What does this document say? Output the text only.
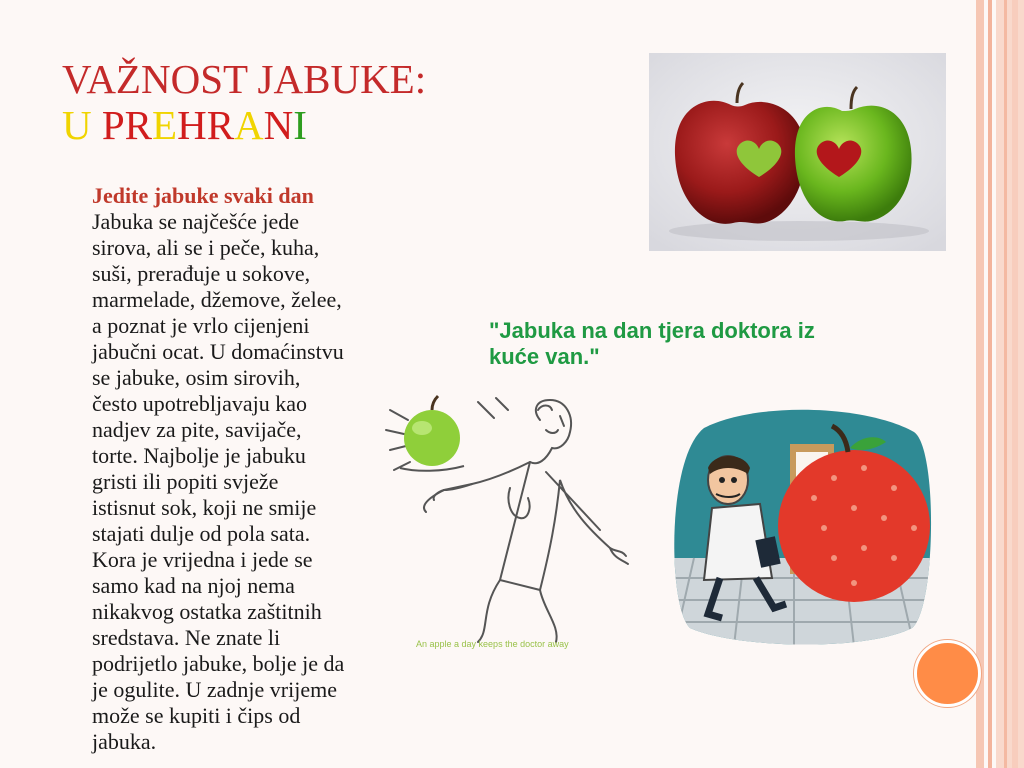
VAŽNOST JABUKE:
U PREHRANI
Jedite jabuke svaki dan
Jabuka se najčešće jede
sirova, ali se i peče, kuha,
suši, prerađuje u sokove,
marmelade, džemove, želee,
a poznat je vrlo cijenjeni
jabučni ocat. U domaćinstvu
se jabuke, osim sirovih,
često upotrebljavaju kao
nadjev za pite, savijače,
torte. Najbolje je jabuku
gristi ili popiti svježe
istisnut sok, koji ne smije
stajati dulje od pola sata.
Kora je vrijedna i jede se
samo kad na njoj nema
nikakvog ostatka zaštitnih
sredstava. Ne znate li
podrijetlo jabuke, bolje je da
je ogulite. U zadnje vrijeme
može se kupiti i čips od
jabuka.
"Jabuka na dan tjera doktora iz kuće van."
An apple a day keeps the doctor away
